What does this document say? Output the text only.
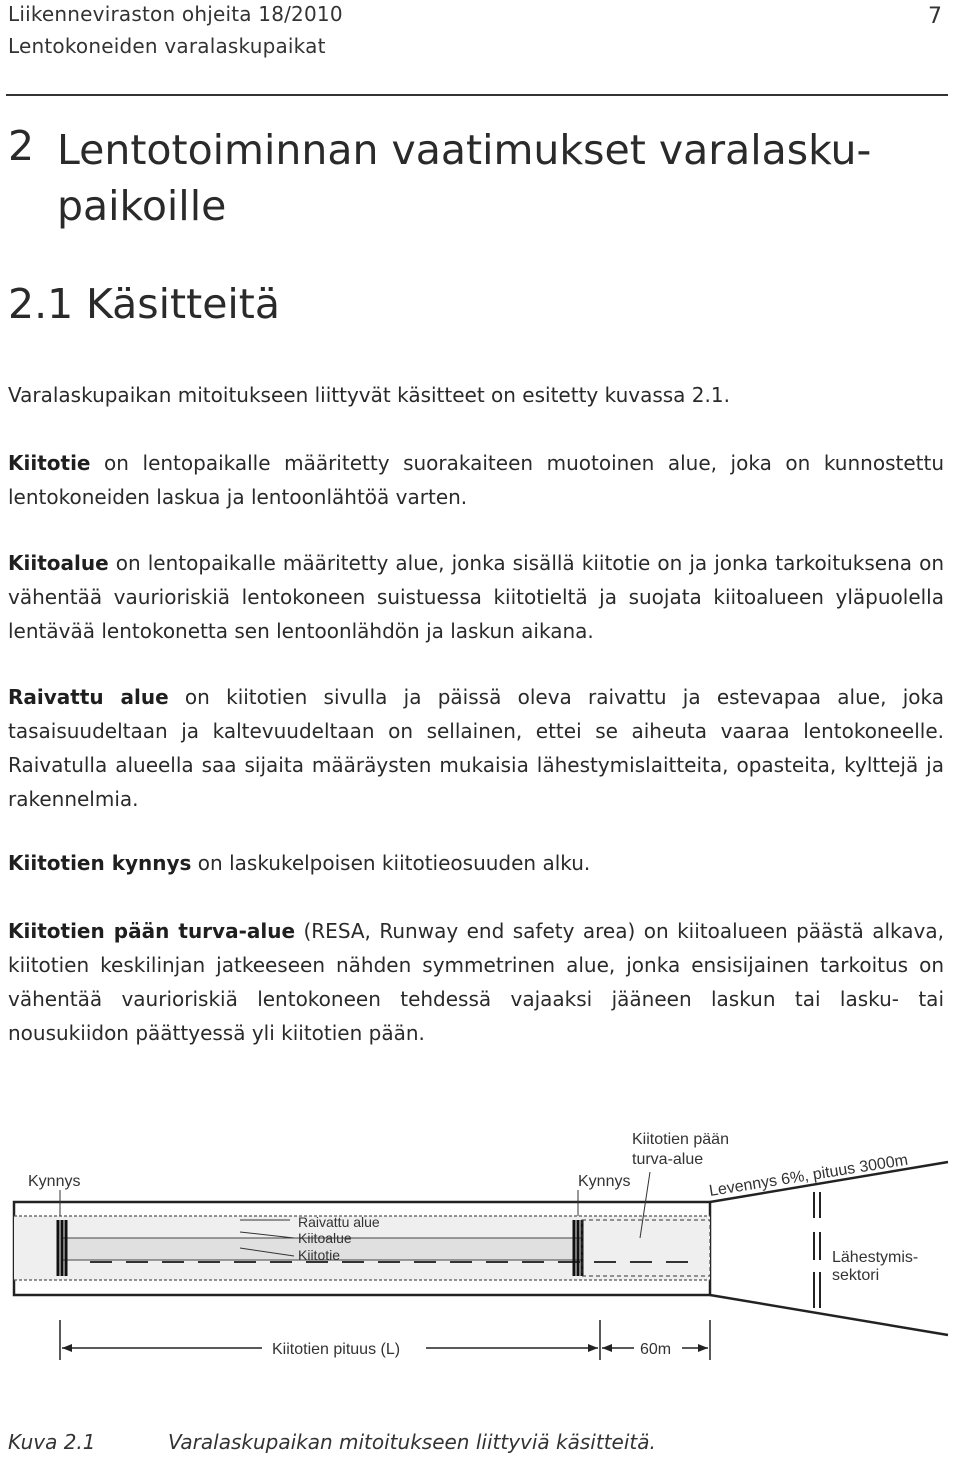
Liikenneviraston ohjeita 18/2010
Lentokoneiden varalaskupaikat
7
2 Lentotoiminnan vaatimukset varalasku-paikoille
2.1 Käsitteitä

Varalaskupaikan mitoitukseen liittyvät käsitteet on esitetty kuvassa 2.1.

Kiitotie on lentopaikalle määritetty suorakaiteen muotoinen alue, joka on kunnostettu lentokoneiden laskua ja lentoonlähtöä varten.

Kiitoalue on lentopaikalle määritetty alue, jonka sisällä kiitotie on ja jonka tarkoituksena on vähentää vaurioriskiä lentokoneen suistuessa kiitotieltä ja suojata kiitoalueen yläpuolella lentävää lentokonetta sen lentoonlähdön ja laskun aikana.

Raivattu alue on kiitotien sivulla ja päissä oleva raivattu ja estevapaa alue, joka tasaisuudeltaan ja kaltevuudeltaan on sellainen, ettei se aiheuta vaaraa lentokoneelle. Raivatulla alueella saa sijaita määräysten mukaisia lähestymislaitteita, opasteita, kylttejä ja rakennelmia.

Kiitotien kynnys on laskukelpoisen kiitotieosuuden alku.

Kiitotien pään turva-alue (RESA, Runway end safety area) on kiitoalueen päästä alkava, kiitotien keskilinjan jatkeeseen nähden symmetrinen alue, jonka ensisijainen tarkoitus on vähentää vaurioriskiä lentokoneen tehdessä vajaaksi jääneen laskun tai lasku- tai nousukiidon päättyessä yli kiitotien pään.

Kynnys	Kynnys
Kiitotien pään
turva-alue Levennys 6%, pituus 3000m
Raivattu alue
Kiitoalue
Kiitotie	Lähestymis-
sektori
Kiitotien pituus (L)	60m
Kuva 2.1	Varalaskupaikan mitoitukseen liittyviä käsitteitä.
